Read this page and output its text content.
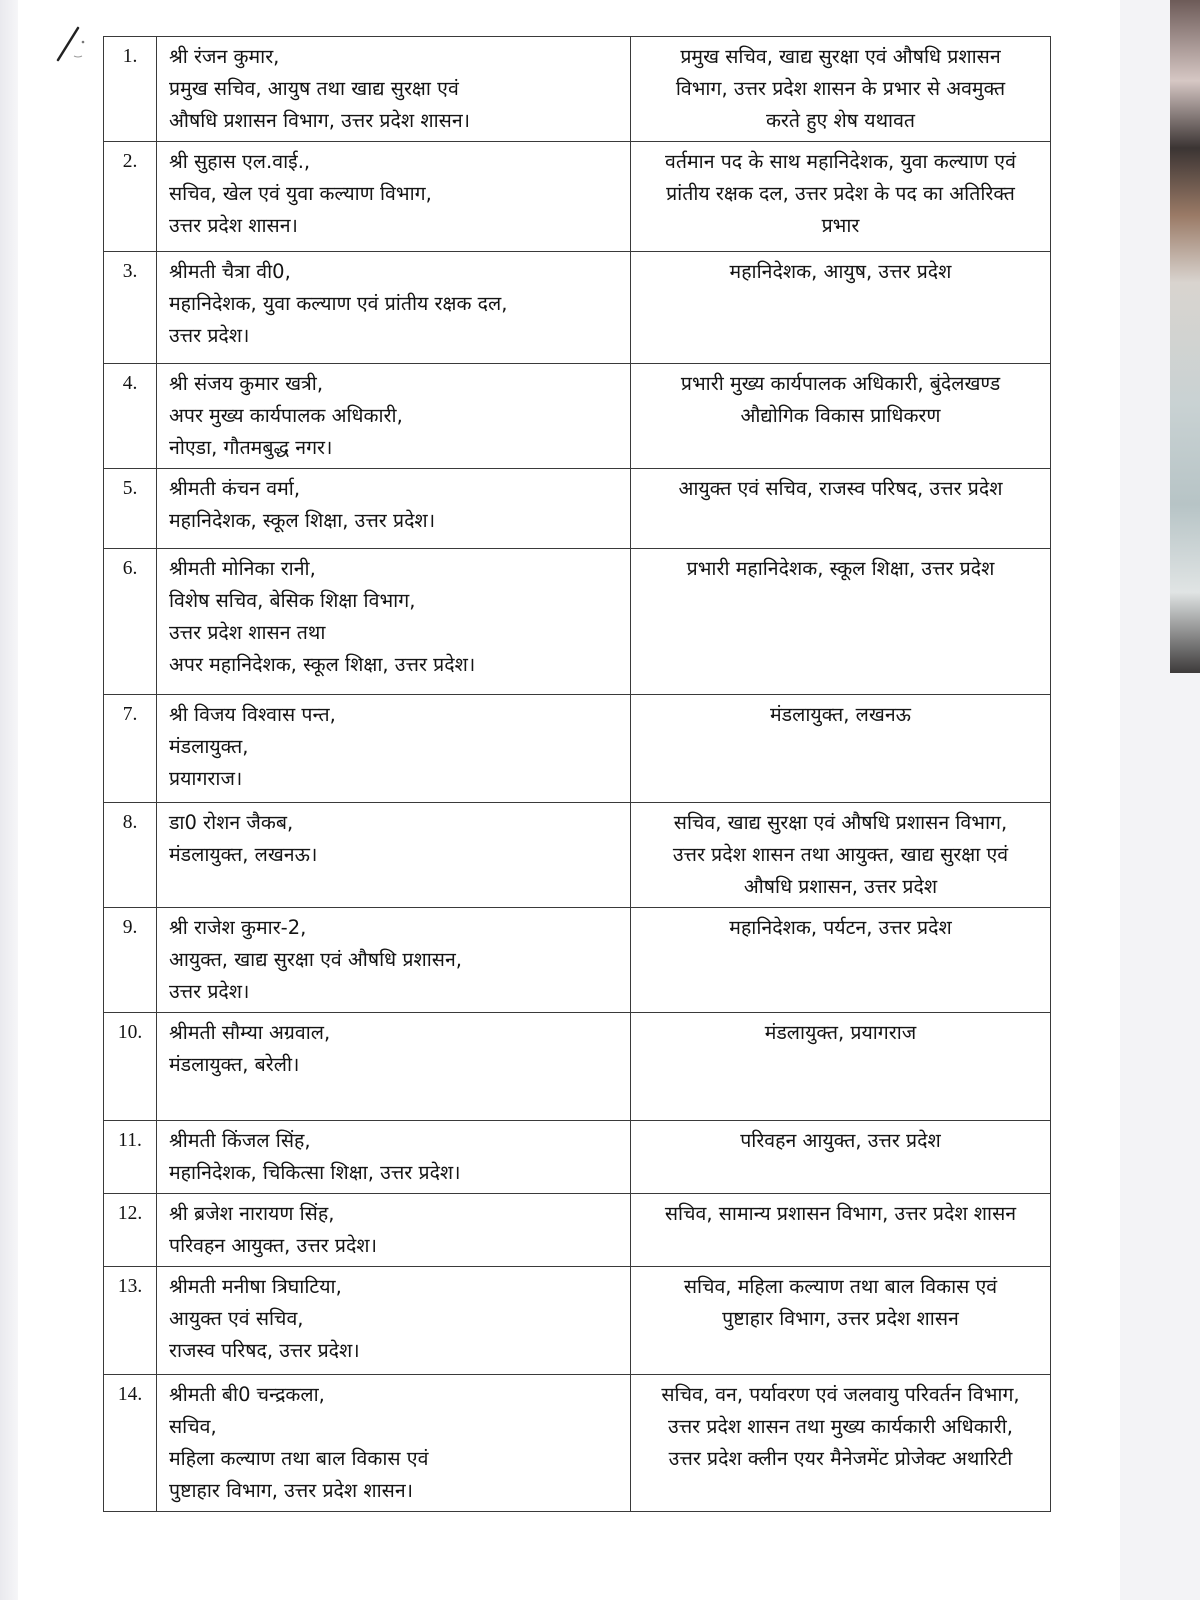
1.	श्री रंजन कुमार,
प्रमुख सचिव, आयुष तथा खाद्य सुरक्षा एवं
औषधि प्रशासन विभाग, उत्तर प्रदेश शासन।	प्रमुख सचिव, खाद्य सुरक्षा एवं औषधि प्रशासन
विभाग, उत्तर प्रदेश शासन के प्रभार से अवमुक्त
करते हुए शेष यथावत

2.	श्री सुहास एल.वाई.,
सचिव, खेल एवं युवा कल्याण विभाग,
उत्तर प्रदेश शासन।	वर्तमान पद के साथ महानिदेशक, युवा कल्याण एवं
प्रांतीय रक्षक दल, उत्तर प्रदेश के पद का अतिरिक्त
प्रभार

3.	श्रीमती चैत्रा वी0,
महानिदेशक, युवा कल्याण एवं प्रांतीय रक्षक दल,
उत्तर प्रदेश।	महानिदेशक, आयुष, उत्तर प्रदेश

4.	श्री संजय कुमार खत्री,
अपर मुख्य कार्यपालक अधिकारी,
नोएडा, गौतमबुद्ध नगर।	प्रभारी मुख्य कार्यपालक अधिकारी, बुंदेलखण्ड
औद्योगिक विकास प्राधिकरण

5.	श्रीमती कंचन वर्मा,
महानिदेशक, स्कूल शिक्षा, उत्तर प्रदेश।	आयुक्त एवं सचिव, राजस्व परिषद, उत्तर प्रदेश

6.	श्रीमती मोनिका रानी,
विशेष सचिव, बेसिक शिक्षा विभाग,
उत्तर प्रदेश शासन तथा
अपर महानिदेशक, स्कूल शिक्षा, उत्तर प्रदेश।	प्रभारी महानिदेशक, स्कूल शिक्षा, उत्तर प्रदेश

7.	श्री विजय विश्वास पन्त,
मंडलायुक्त,
प्रयागराज।	मंडलायुक्त, लखनऊ

8.	डा0 रोशन जैकब,
मंडलायुक्त, लखनऊ।	सचिव, खाद्य सुरक्षा एवं औषधि प्रशासन विभाग,
उत्तर प्रदेश शासन तथा आयुक्त, खाद्य सुरक्षा एवं
औषधि प्रशासन, उत्तर प्रदेश

9.	श्री राजेश कुमार-2,
आयुक्त, खाद्य सुरक्षा एवं औषधि प्रशासन,
उत्तर प्रदेश।	महानिदेशक, पर्यटन, उत्तर प्रदेश

10.	श्रीमती सौम्या अग्रवाल,
मंडलायुक्त, बरेली।	मंडलायुक्त, प्रयागराज

11.	श्रीमती किंजल सिंह,
महानिदेशक, चिकित्सा शिक्षा, उत्तर प्रदेश।	परिवहन आयुक्त, उत्तर प्रदेश

12.	श्री ब्रजेश नारायण सिंह,
परिवहन आयुक्त, उत्तर प्रदेश।	सचिव, सामान्य प्रशासन विभाग, उत्तर प्रदेश शासन

13.	श्रीमती मनीषा त्रिघाटिया,
आयुक्त एवं सचिव,
राजस्व परिषद, उत्तर प्रदेश।	सचिव, महिला कल्याण तथा बाल विकास एवं
पुष्टाहार विभाग, उत्तर प्रदेश शासन

14.	श्रीमती बी0 चन्द्रकला,
सचिव,
महिला कल्याण तथा बाल विकास एवं
पुष्टाहार विभाग, उत्तर प्रदेश शासन।	सचिव, वन, पर्यावरण एवं जलवायु परिवर्तन विभाग,
उत्तर प्रदेश शासन तथा मुख्य कार्यकारी अधिकारी,
उत्तर प्रदेश क्लीन एयर मैनेजमेंट प्रोजेक्ट अथारिटी
